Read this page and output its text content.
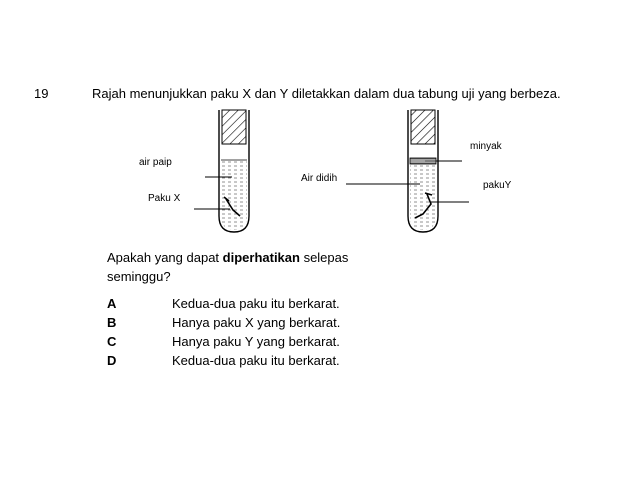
19	Rajah menunjukkan paku X dan Y diletakkan dalam dua tabung uji yang berbeza.
air paip
Paku X
Air didih
minyak
pakuY
Apakah yang dapat diperhatikan selepas seminggu?
A	Kedua-dua paku itu berkarat.
B	Hanya paku X yang berkarat.
C	Hanya paku Y yang berkarat.
D	Kedua-dua paku itu berkarat.
